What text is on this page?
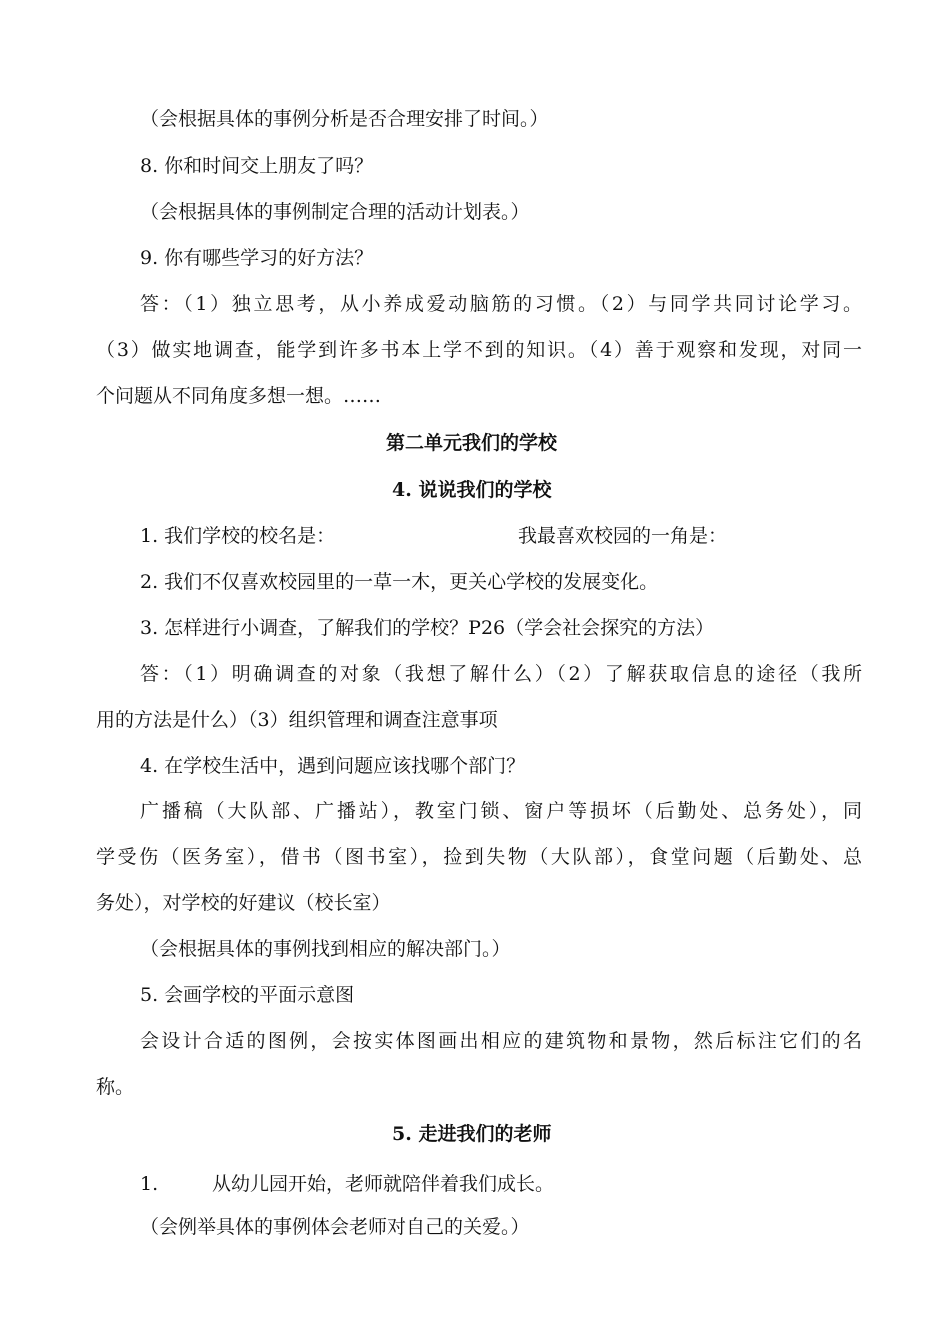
（会根据具体的事例分析是否合理安排了时间。）
8. 你和时间交上朋友了吗？
（会根据具体的事例制定合理的活动计划表。）
9. 你有哪些学习的好方法？
答：（1）独立思考，从小养成爱动脑筋的习惯。（2）与同学共同讨论学习。
（3）做实地调查，能学到许多书本上学不到的知识。（4）善于观察和发现，对同一
个问题从不同角度多想一想。……
第二单元我们的学校
4. 说说我们的学校
1. 我们学校的校名是：	我最喜欢校园的一角是：
2. 我们不仅喜欢校园里的一草一木，更关心学校的发展变化。
3. 怎样进行小调查，了解我们的学校？P26（学会社会探究的方法）
答：（1）明确调查的对象（我想了解什么）（2）了解获取信息的途径（我所
用的方法是什么）（3）组织管理和调查注意事项
4. 在学校生活中，遇到问题应该找哪个部门？
广播稿（大队部、广播站），教室门锁、窗户等损坏（后勤处、总务处），同
学受伤（医务室），借书（图书室），捡到失物（大队部），食堂问题（后勤处、总
务处），对学校的好建议（校长室）
（会根据具体的事例找到相应的解决部门。）
5. 会画学校的平面示意图
会设计合适的图例，会按实体图画出相应的建筑物和景物，然后标注它们的名
称。
5. 走进我们的老师
1.	从幼儿园开始，老师就陪伴着我们成长。
（会例举具体的事例体会老师对自己的关爱。）
